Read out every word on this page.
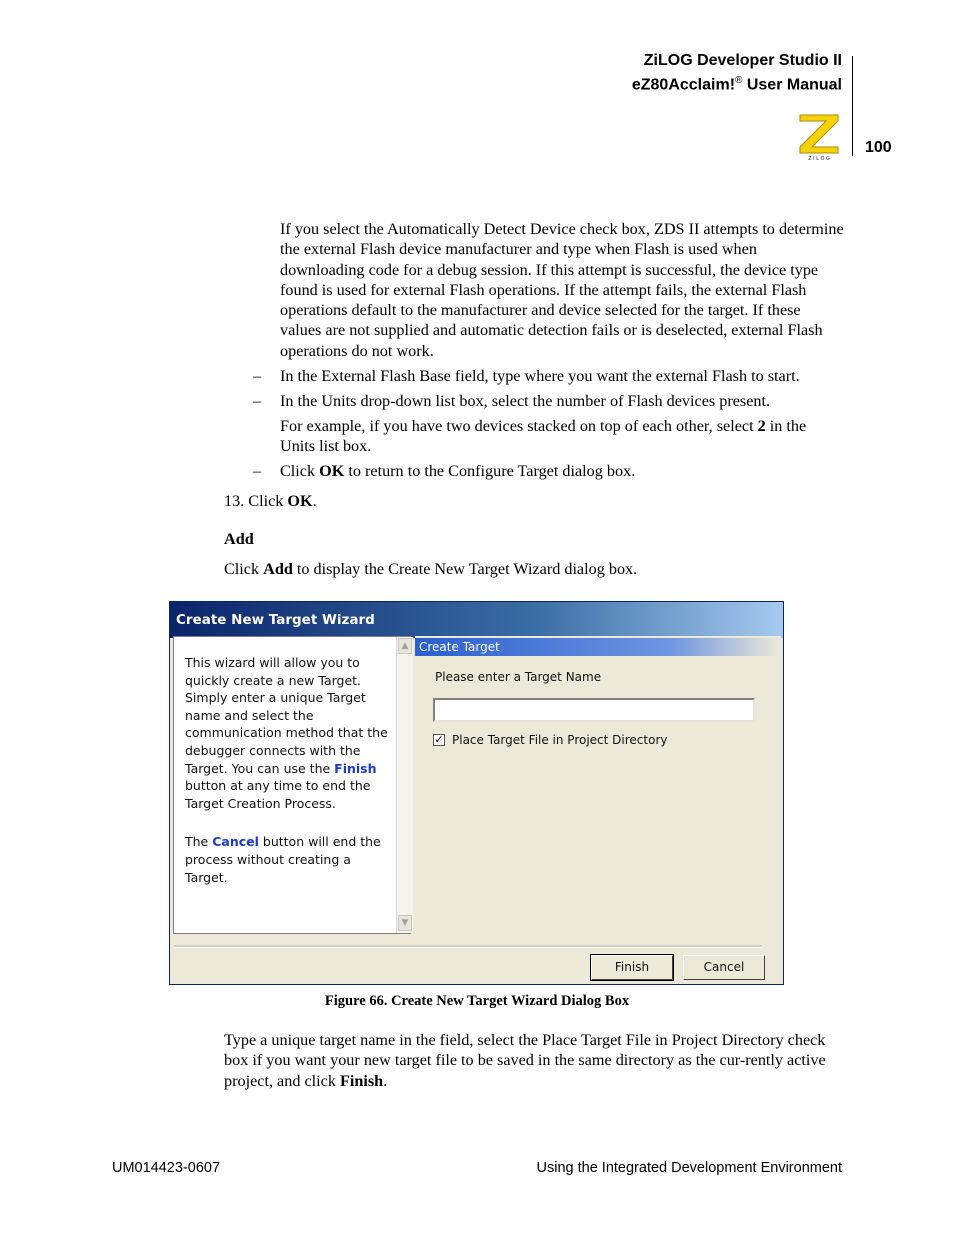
ZiLOG Developer Studio II
eZ80Acclaim!® User Manual
Z I L O G
100
If you select the Automatically Detect Device check box, ZDS II attempts to determine the external Flash device manufacturer and type when Flash is used when downloading code for a debug session. If this attempt is successful, the device type found is used for external Flash operations. If the attempt fails, the external Flash operations default to the manufacturer and device selected for the target. If these values are not supplied and automatic detection fails or is deselected, external Flash operations do not work.
– In the External Flash Base field, type where you want the external Flash to start.
– In the Units drop-down list box, select the number of Flash devices present.
For example, if you have two devices stacked on top of each other, select 2 in the Units list box.
– Click OK to return to the Configure Target dialog box.
13. Click OK.
Add
Click Add to display the Create New Target Wizard dialog box.
Create New Target Wizard
This wizard will allow you to quickly create a new Target. Simply enter a unique Target name and select the communication method that the debugger connects with the Target. You can use the Finish button at any time to end the Target Creation Process.
The Cancel button will end the process without creating a Target.
▲
▼
Create Target
Please enter a Target Name
✓ Place Target File in Project Directory
Finish	Cancel
Figure 66. Create New Target Wizard Dialog Box
Type a unique target name in the field, select the Place Target File in Project Directory check box if you want your new target file to be saved in the same directory as the cur-rently active project, and click Finish.
UM014423-0607	Using the Integrated Development Environment
